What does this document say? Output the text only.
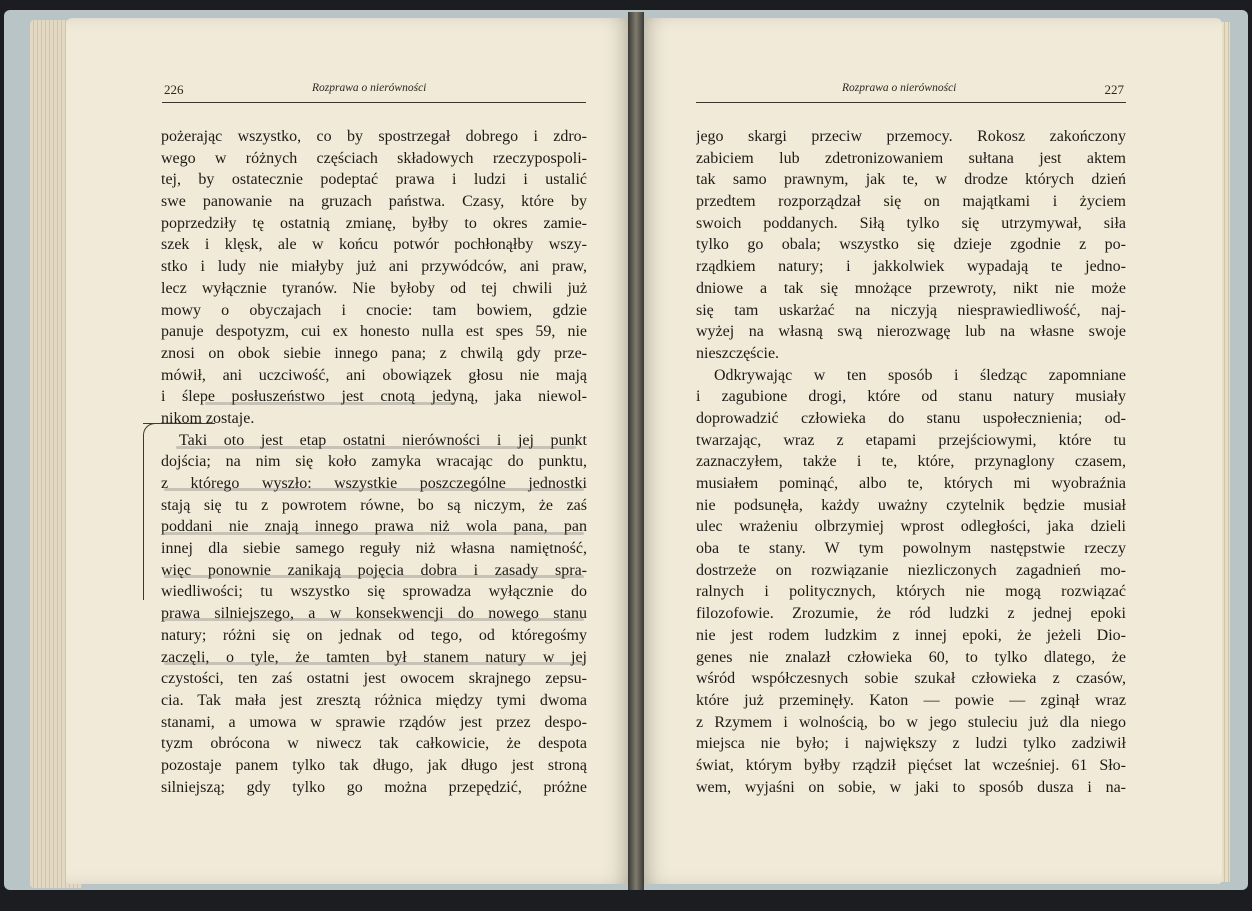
226	Rozprawa o nierówności	Rozprawa o nierówności	227
pożerając wszystko, co by spostrzegał dobrego i zdro-
wego w różnych częściach składowych rzeczypospoli-
tej, by ostatecznie podeptać prawa i ludzi i ustalić
swe panowanie na gruzach państwa. Czasy, które by
poprzedziły tę ostatnią zmianę, byłby to okres zamie-
szek i klęsk, ale w końcu potwór pochłonąłby wszy-
stko i ludy nie miałyby już ani przywódców, ani praw,
lecz wyłącznie tyranów. Nie byłoby od tej chwili już
mowy o obyczajach i cnocie: tam bowiem, gdzie
panuje despotyzm, cui ex honesto nulla est spes 59, nie
znosi on obok siebie innego pana; z chwilą gdy prze-
mówił, ani uczciwość, ani obowiązek głosu nie mają
i ślepe posłuszeństwo jest cnotą jedyną, jaka niewol-
nikom zostaje.
Taki oto jest etap ostatni nierówności i jej punkt
dojścia; na nim się koło zamyka wracając do punktu,
z którego wyszło: wszystkie poszczególne jednostki
stają się tu z powrotem równe, bo są niczym, że zaś
poddani nie znają innego prawa niż wola pana, pan
innej dla siebie samego reguły niż własna namiętność,
więc ponownie zanikają pojęcia dobra i zasady spra-
wiedliwości; tu wszystko się sprowadza wyłącznie do
prawa silniejszego, a w konsekwencji do nowego stanu
natury; różni się on jednak od tego, od któregośmy
zaczęli, o tyle, że tamten był stanem natury w jej
czystości, ten zaś ostatni jest owocem skrajnego zepsu-
cia. Tak mała jest zresztą różnica między tymi dwoma
stanami, a umowa w sprawie rządów jest przez despo-
tyzm obrócona w niwecz tak całkowicie, że despota
pozostaje panem tylko tak długo, jak długo jest stroną
silniejszą; gdy tylko go można przepędzić, próżne
jego skargi przeciw przemocy. Rokosz zakończony
zabiciem lub zdetronizowaniem sułtana jest aktem
tak samo prawnym, jak te, w drodze których dzień
przedtem rozporządzał się on majątkami i życiem
swoich poddanych. Siłą tylko się utrzymywał, siła
tylko go obala; wszystko się dzieje zgodnie z po-
rządkiem natury; i jakkolwiek wypadają te jedno-
dniowe a tak się mnożące przewroty, nikt nie może
się tam uskarżać na niczyją niesprawiedliwość, naj-
wyżej na własną swą nierozwagę lub na własne swoje
nieszczęście.
Odkrywając w ten sposób i śledząc zapomniane
i zagubione drogi, które od stanu natury musiały
doprowadzić człowieka do stanu uspołecznienia; od-
twarzając, wraz z etapami przejściowymi, które tu
zaznaczyłem, także i te, które, przynaglony czasem,
musiałem pominąć, albo te, których mi wyobraźnia
nie podsunęła, każdy uważny czytelnik będzie musiał
ulec wrażeniu olbrzymiej wprost odległości, jaka dzieli
oba te stany. W tym powolnym następstwie rzeczy
dostrzeże on rozwiązanie niezliczonych zagadnień mo-
ralnych i politycznych, których nie mogą rozwiązać
filozofowie. Zrozumie, że ród ludzki z jednej epoki
nie jest rodem ludzkim z innej epoki, że jeżeli Dio-
genes nie znalazł człowieka 60, to tylko dlatego, że
wśród współczesnych sobie szukał człowieka z czasów,
które już przeminęły. Katon — powie — zginął wraz
z Rzymem i wolnością, bo w jego stuleciu już dla niego
miejsca nie było; i największy z ludzi tylko zadziwił
świat, którym byłby rządził pięćset lat wcześniej. 61 Sło-
wem, wyjaśni on sobie, w jaki to sposób dusza i na-
